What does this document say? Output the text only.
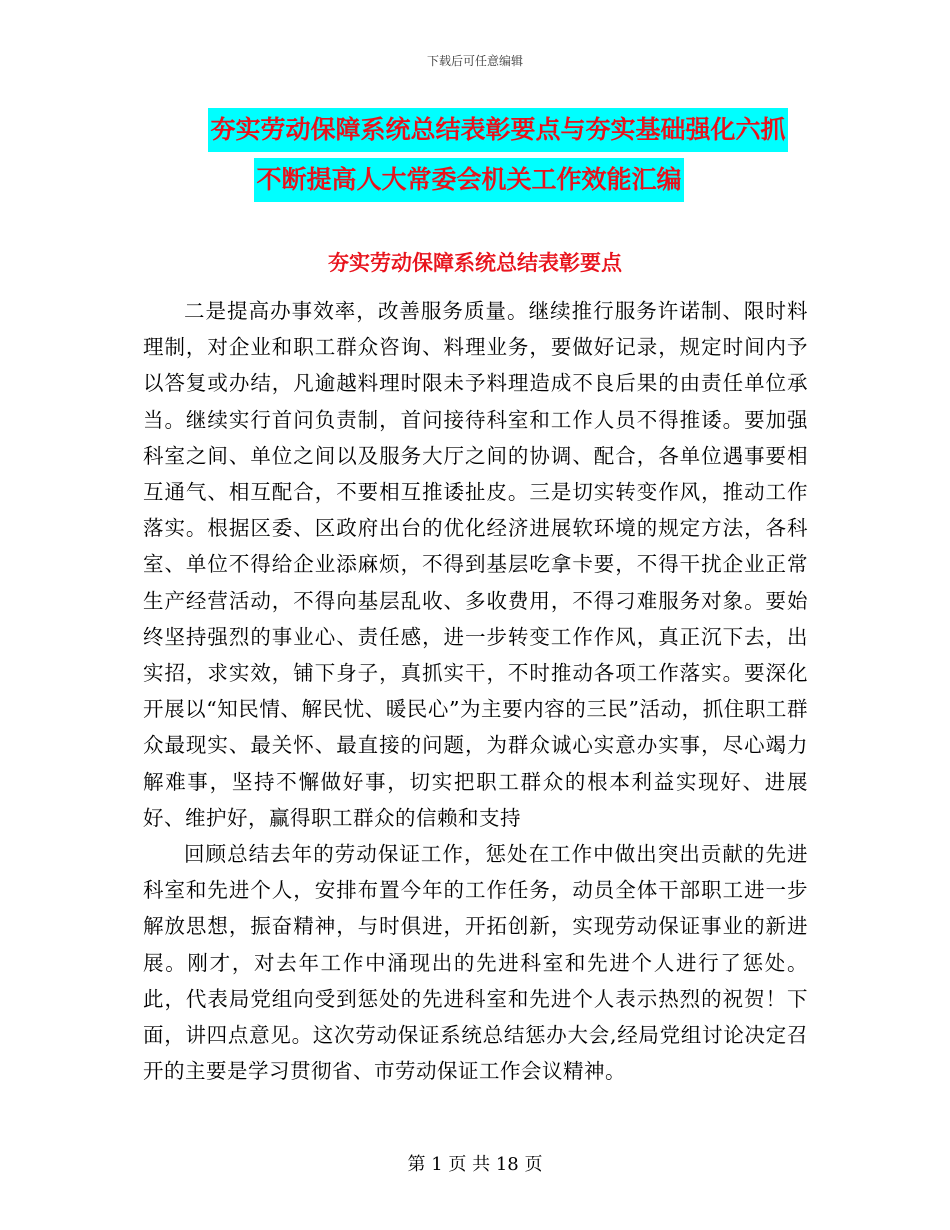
下载后可任意编辑
夯实劳动保障系统总结表彰要点与夯实基础强化六抓
不断提高人大常委会机关工作效能汇编
夯实劳动保障系统总结表彰要点

二是提高办事效率，改善服务质量。继续推行服务许诺制、限时料理制，对企业和职工群众咨询、料理业务，要做好记录，规定时间内予以答复或办结，凡逾越料理时限未予料理造成不良后果的由责任单位承当。继续实行首问负责制，首问接待科室和工作人员不得推诿。要加强科室之间、单位之间以及服务大厅之间的协调、配合，各单位遇事要相互通气、相互配合，不要相互推诿扯皮。三是切实转变作风，推动工作落实。根据区委、区政府出台的优化经济进展软环境的规定方法，各科室、单位不得给企业添麻烦，不得到基层吃拿卡要，不得干扰企业正常生产经营活动，不得向基层乱收、多收费用，不得刁难服务对象。要始终坚持强烈的事业心、责任感，进一步转变工作作风，真正沉下去，出实招，求实效，铺下身子，真抓实干，不时推动各项工作落实。要深化开展以“知民情、解民忧、暖民心”为主要内容的三民”活动，抓住职工群众最现实、最关怀、最直接的问题，为群众诚心实意办实事，尽心竭力解难事，坚持不懈做好事，切实把职工群众的根本利益实现好、进展好、维护好，赢得职工群众的信赖和支持

回顾总结去年的劳动保证工作，惩处在工作中做出突出贡献的先进科室和先进个人，安排布置今年的工作任务，动员全体干部职工进一步解放思想，振奋精神，与时俱进，开拓创新，实现劳动保证事业的新进展。刚才，对去年工作中涌现出的先进科室和先进个人进行了惩处。此，代表局党组向受到惩处的先进科室和先进个人表示热烈的祝贺！下面，讲四点意见。这次劳动保证系统总结惩办大会,经局党组讨论决定召开的主要是学习贯彻省、市劳动保证工作会议精神。

第 1 页 共 18 页
